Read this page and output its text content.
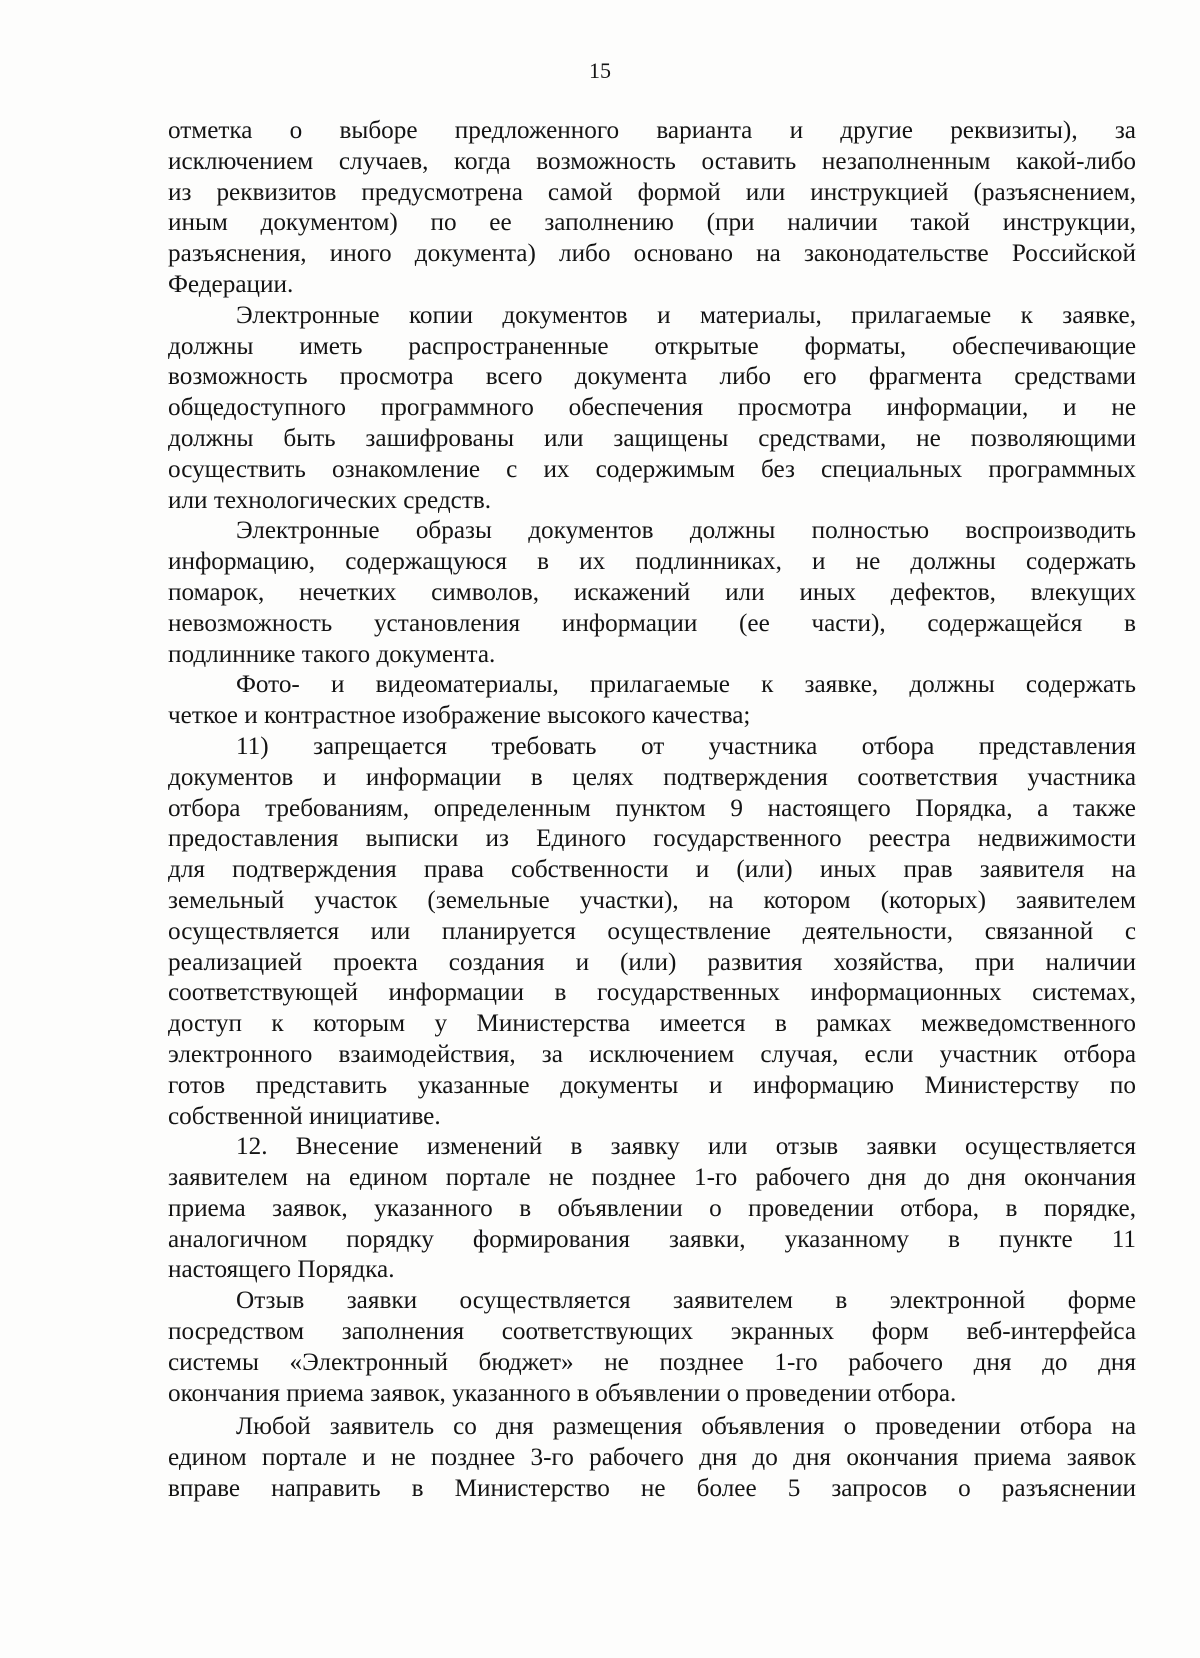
15

отметка о выборе предложенного варианта и другие реквизиты), за

исключением случаев, когда возможность оставить незаполненным какой-либо

из реквизитов предусмотрена самой формой или инструкцией (разъяснением,

иным документом) по ее заполнению (при наличии такой инструкции,

разъяснения, иного документа) либо основано на законодательстве Российской

Федерации.

Электронные копии документов и материалы, прилагаемые к заявке,

должны иметь распространенные открытые форматы, обеспечивающие

возможность просмотра всего документа либо его фрагмента средствами

общедоступного программного обеспечения просмотра информации, и не

должны быть зашифрованы или защищены средствами, не позволяющими

осуществить ознакомление с их содержимым без специальных программных

или технологических средств.

Электронные образы документов должны полностью воспроизводить

информацию, содержащуюся в их подлинниках, и не должны содержать

помарок, нечетких символов, искажений или иных дефектов, влекущих

невозможность установления информации (ее части), содержащейся в

подлиннике такого документа.

Фото- и видеоматериалы, прилагаемые к заявке, должны содержать

четкое и контрастное изображение высокого качества;

11) запрещается требовать от участника отбора представления

документов и информации в целях подтверждения соответствия участника

отбора требованиям, определенным пунктом 9 настоящего Порядка, а также

предоставления выписки из Единого государственного реестра недвижимости

для подтверждения права собственности и (или) иных прав заявителя на

земельный участок (земельные участки), на котором (которых) заявителем

осуществляется или планируется осуществление деятельности, связанной с

реализацией проекта создания и (или) развития хозяйства, при наличии

соответствующей информации в государственных информационных системах,

доступ к которым у Министерства имеется в рамках межведомственного

электронного взаимодействия, за исключением случая, если участник отбора

готов представить указанные документы и информацию Министерству по

собственной инициативе.

12. Внесение изменений в заявку или отзыв заявки осуществляется

заявителем на едином портале не позднее 1-го рабочего дня до дня окончания

приема заявок, указанного в объявлении о проведении отбора, в порядке,

аналогичном порядку формирования заявки, указанному в пункте 11

настоящего Порядка.

Отзыв заявки осуществляется заявителем в электронной форме

посредством заполнения соответствующих экранных форм веб-интерфейса

системы «Электронный бюджет» не позднее 1-го рабочего дня до дня

окончания приема заявок, указанного в объявлении о проведении отбора.

Любой заявитель со дня размещения объявления о проведении отбора на

едином портале и не позднее 3-го рабочего дня до дня окончания приема заявок

вправе направить в Министерство не более 5 запросов о разъяснении
